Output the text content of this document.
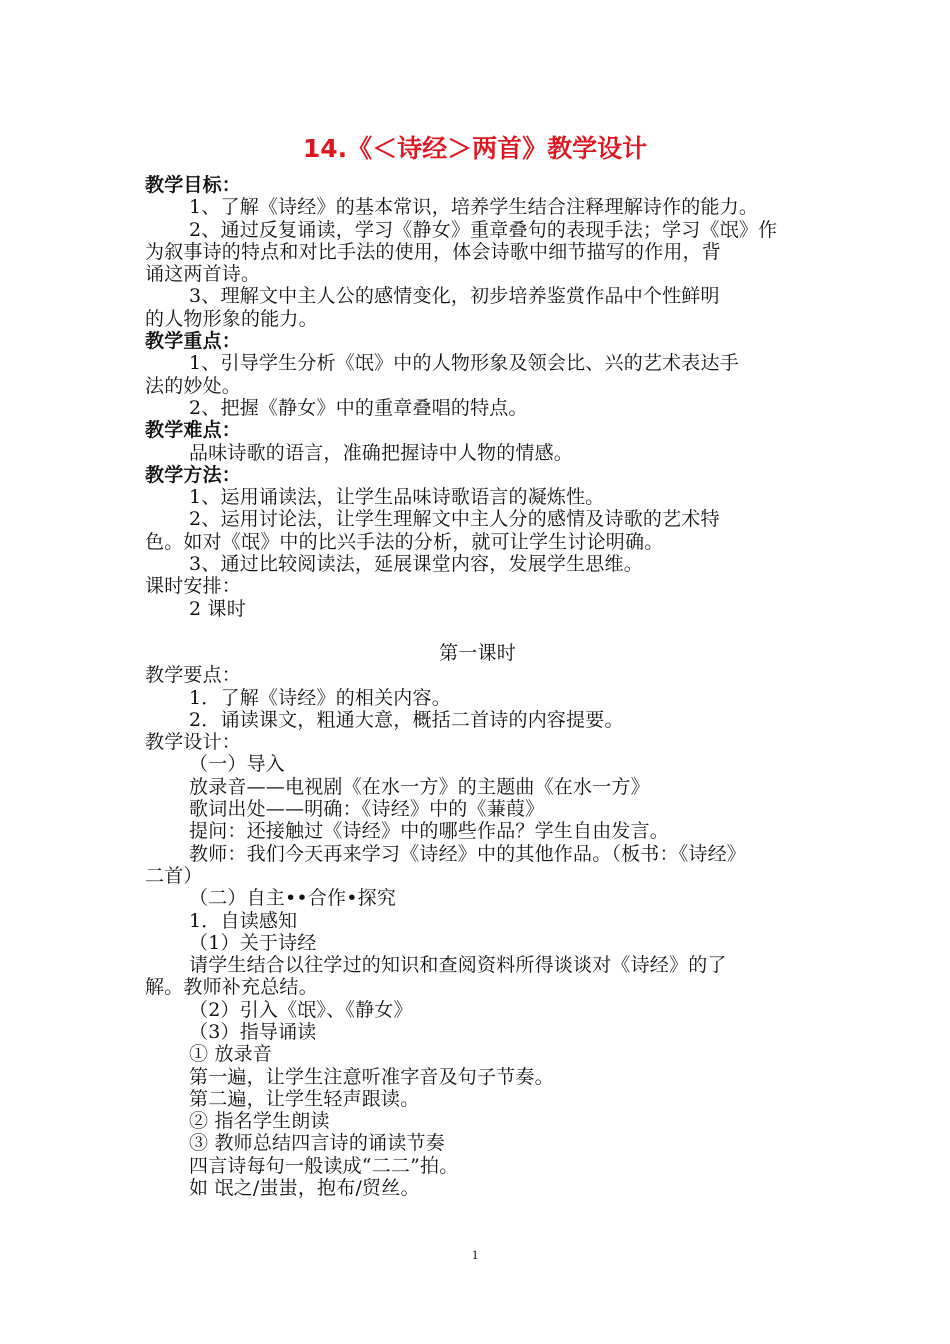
14.《＜诗经＞两首》教学设计

教学目标：

1、了解《诗经》的基本常识，培养学生结合注释理解诗作的能力。

2、通过反复诵读，学习《静女》重章叠句的表现手法；学习《氓》作

为叙事诗的特点和对比手法的使用，体会诗歌中细节描写的作用，背

诵这两首诗。

3、理解文中主人公的感情变化，初步培养鉴赏作品中个性鲜明

的人物形象的能力。

教学重点：

1、引导学生分析《氓》中的人物形象及领会比、兴的艺术表达手

法的妙处。

2、把握《静女》中的重章叠唱的特点。

教学难点：

品味诗歌的语言，准确把握诗中人物的情感。

教学方法：

1、运用诵读法，让学生品味诗歌语言的凝炼性。

2、运用讨论法，让学生理解文中主人分的感情及诗歌的艺术特

色。如对《氓》中的比兴手法的分析，就可让学生讨论明确。

3、通过比较阅读法，延展课堂内容，发展学生思维。

课时安排：

2 课时

第一课时

教学要点：

1．了解《诗经》的相关内容。

2．诵读课文，粗通大意，概括二首诗的内容提要。

教学设计：

（一）导入

放录音——电视剧《在水一方》的主题曲《在水一方》

歌词出处——明确：《诗经》中的《蒹葭》

提问：还接触过《诗经》中的哪些作品？学生自由发言。

教师：我们今天再来学习《诗经》中的其他作品。（板书：《诗经》

二首）

（二）自主••合作•探究

1．自读感知

（1）关于诗经

请学生结合以往学过的知识和查阅资料所得谈谈对《诗经》的了

解。教师补充总结。

（2）引入《氓》、《静女》

（3）指导诵读

① 放录音

第一遍，让学生注意听准字音及句子节奏。

第二遍，让学生轻声跟读。

② 指名学生朗读

③ 教师总结四言诗的诵读节奏

四言诗每句一般读成“二二”拍。

如 氓之/蚩蚩，抱布/贸丝。

1
